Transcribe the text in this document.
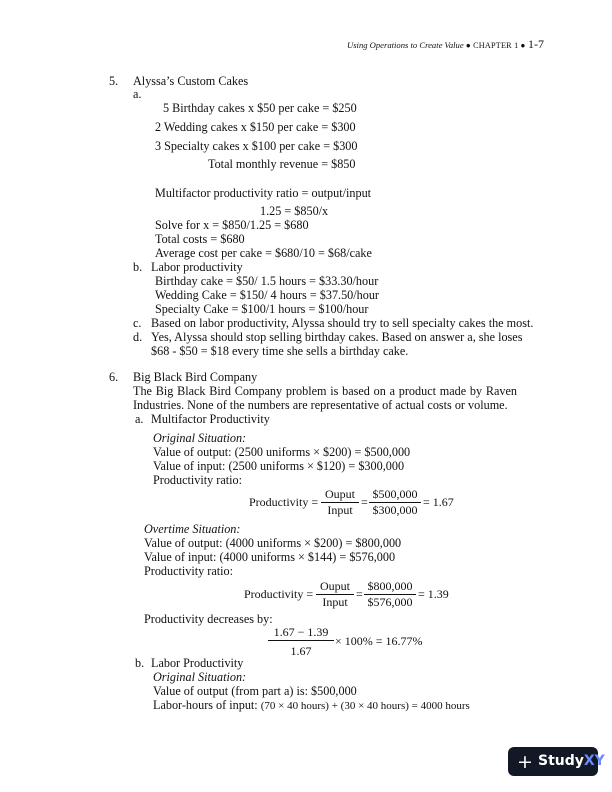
Using Operations to Create Value ● CHAPTER 1 ● 1-7
5. Alyssa’s Custom Cakes
a.
5 Birthday cakes x $50 per cake = $250
2 Wedding cakes x $150 per cake = $300
3 Specialty cakes x $100 per cake = $300
Total monthly revenue = $850
Multifactor productivity ratio = output/input
1.25 = $850/x
Solve for x = $850/1.25 = $680
Total costs = $680
Average cost per cake = $680/10 = $68/cake
b. Labor productivity
Birthday cake = $50/ 1.5 hours = $33.30/hour
Wedding Cake = $150/ 4 hours = $37.50/hour
Specialty Cake = $100/1 hours = $100/hour
c. Based on labor productivity, Alyssa should try to sell specialty cakes the most.
d. Yes, Alyssa should stop selling birthday cakes. Based on answer a, she loses
$68 - $50 = $18 every time she sells a birthday cake.
6. Big Black Bird Company
The Big Black Bird Company problem is based on a product made by Raven
Industries. None of the numbers are representative of actual costs or volume.
a. Multifactor Productivity
Original Situation:
Value of output: (2500 uniforms × $200) = $500,000
Value of input: (2500 uniforms × $120) = $300,000
Productivity ratio:
Productivity =
Ouput
Input
= $\frac{\$500,000}{\$300,000} = 1.67$
Overtime Situation:
Value of output: (4000 uniforms × $200) = $800,000
Value of input: (4000 uniforms × $144) = $576,000
Productivity ratio:
Productivity =
Ouput
Input
= $\frac{\$800,000}{\$576,000} = 1.39$
Productivity decreases by:
$\frac{1.67 - 1.39}{1.67} \times 100\% = 16.77\%$
b. Labor Productivity
Original Situation:
Value of output (from part a) is: $500,000
Labor-hours of input: (70 × 40 hours) + (30 × 40 hours) = 4000 hours
+ StudyXY
